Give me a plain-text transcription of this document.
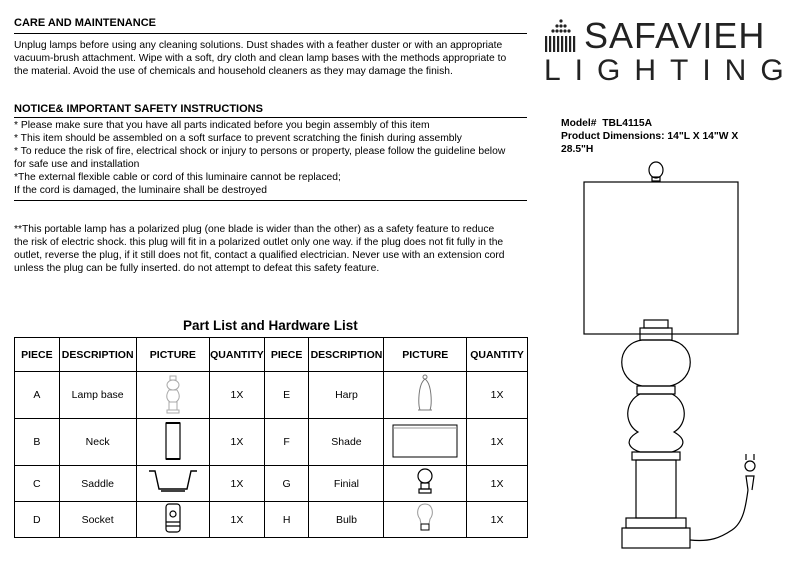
CARE AND MAINTENANCE
Unplug lamps before using any cleaning solutions. Dust shades with a feather duster or with an appropriate
vacuum-brush attachment. Wipe with a soft, dry cloth and clean lamp bases with the methods appropriate to
the material. Avoid the use of chemicals and household cleaners as they may damage the finish.
NOTICE& IMPORTANT SAFETY INSTRUCTIONS
* Please make sure that you have all parts indicated before you begin assembly of this item
* This item should be assembled on a soft surface to prevent scratching the finish during assembly
* To reduce the risk of fire, electrical shock or injury to persons or property, please follow the guideline below
for safe use and installation
*The external flexible cable or cord of this luminaire cannot be replaced;
If the cord is damaged, the luminaire shall be destroyed
**This portable lamp has a polarized plug (one blade is wider than the other) as a safety feature to reduce
the risk of electric shock. this plug will fit in a polarized outlet only one way. if the plug does not fit fully in the
outlet, reverse the plug, if it still does not fit, contact a qualified electrician. Never use with an extension cord
unless the plug can be fully inserted. do not attempt to defeat this safety feature.
SAFAVIEH
LIGHTING
Model# TBL4115A
Product Dimensions: 14"L X 14"W X
28.5"H
Part List and Hardware List
PIECE	DESCRIPTION	PICTURE	QUANTITY	PIECE	DESCRIPTION	PICTURE	QUANTITY
A	Lamp base		1X	E	Harp		1X
B	Neck		1X	F	Shade		1X
C	Saddle		1X	G	Finial		1X
D	Socket		1X	H	Bulb		1X
